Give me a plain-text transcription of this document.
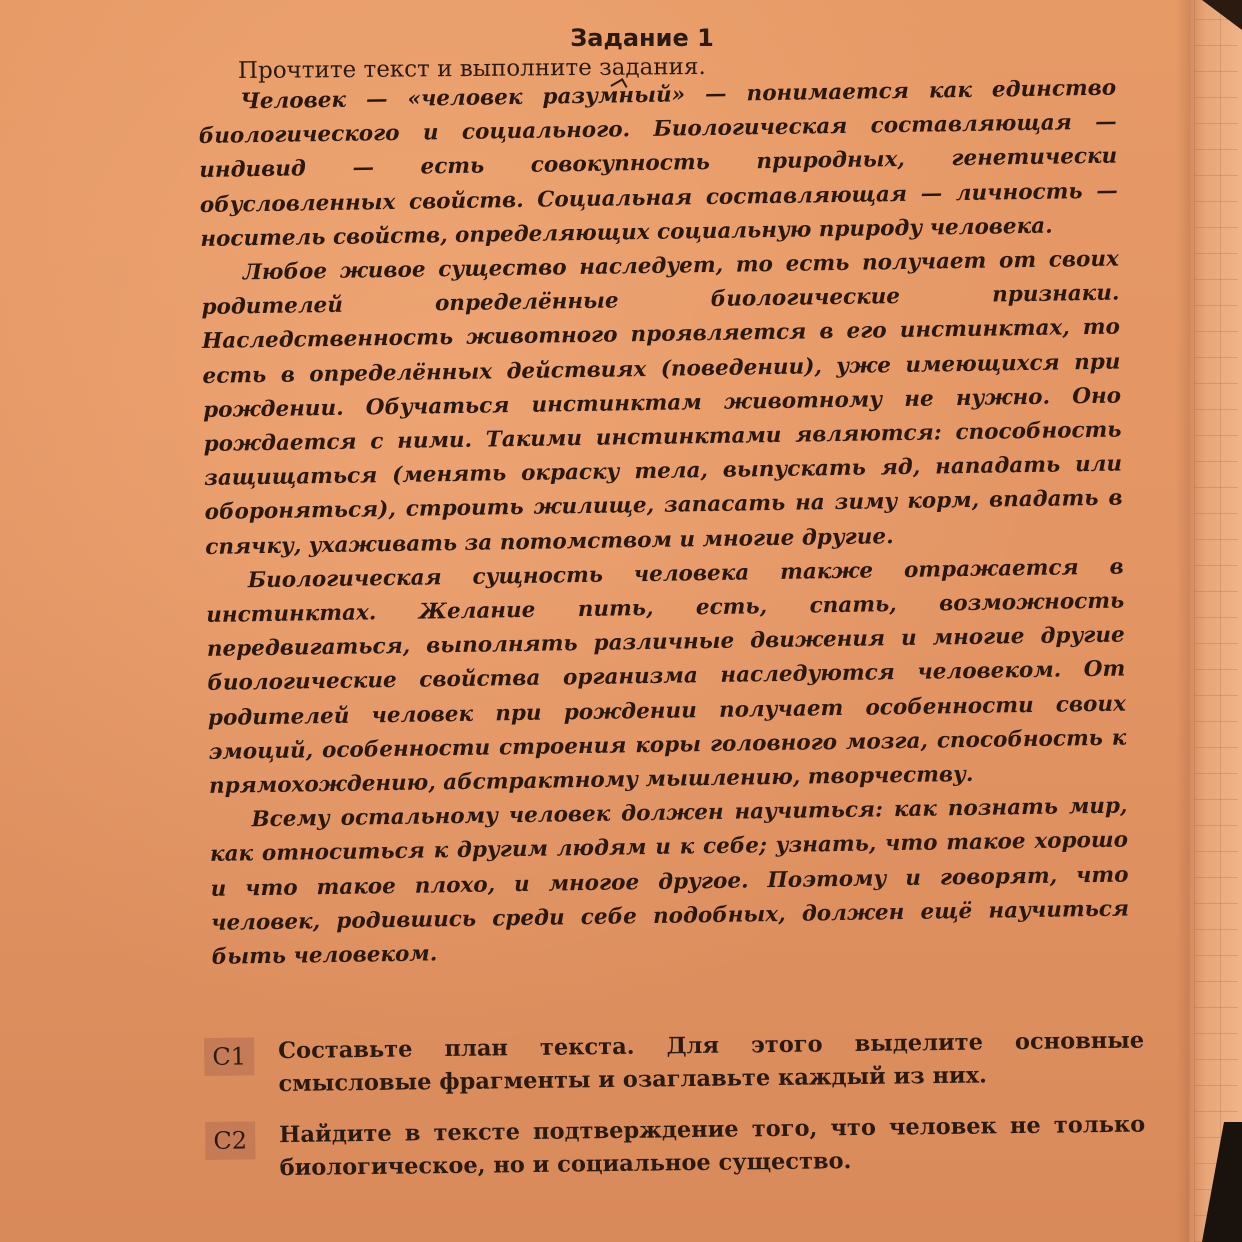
Задание 1

Прочтите текст и выполните задания.

Человек — «человек разумный» — понимается как единство биологического и социального. Биологическая составляющая — индивид — есть совокупность природных, генетически обусловленных свойств. Социальная составляющая — личность — носитель свойств, определяющих социальную природу человека.

Любое живое существо наследует, то есть получает от своих родителей определённые биологические признаки. Наследственность животного проявляется в его инстинктах, то есть в определённых действиях (поведении), уже имеющихся при рождении. Обучаться инстинктам животному не нужно. Оно рождается с ними. Такими инстинктами являются: способность защищаться (менять окраску тела, выпускать яд, нападать или обороняться), строить жилище, запасать на зиму корм, впадать в спячку, ухаживать за потомством и многие другие.

Биологическая сущность человека также отражается в инстинктах. Желание пить, есть, спать, возможность передвигаться, выполнять различные движения и многие другие биологические свойства организма наследуются человеком. От родителей человек при рождении получает особенности своих эмоций, особенности строения коры головного мозга, способность к прямохождению, абстрактному мышлению, творчеству.

Всему остальному человек должен научиться: как познать мир, как относиться к другим людям и к себе; узнать, что такое хорошо и что такое плохо, и многое другое. Поэтому и говорят, что человек, родившись среди себе подобных, должен ещё научиться быть человеком.

С1	Составьте план текста. Для этого выделите основные смысловые фрагменты и озаглавьте каждый из них.
С2	Найдите в тексте подтверждение того, что человек не только биологическое, но и социальное существо.
